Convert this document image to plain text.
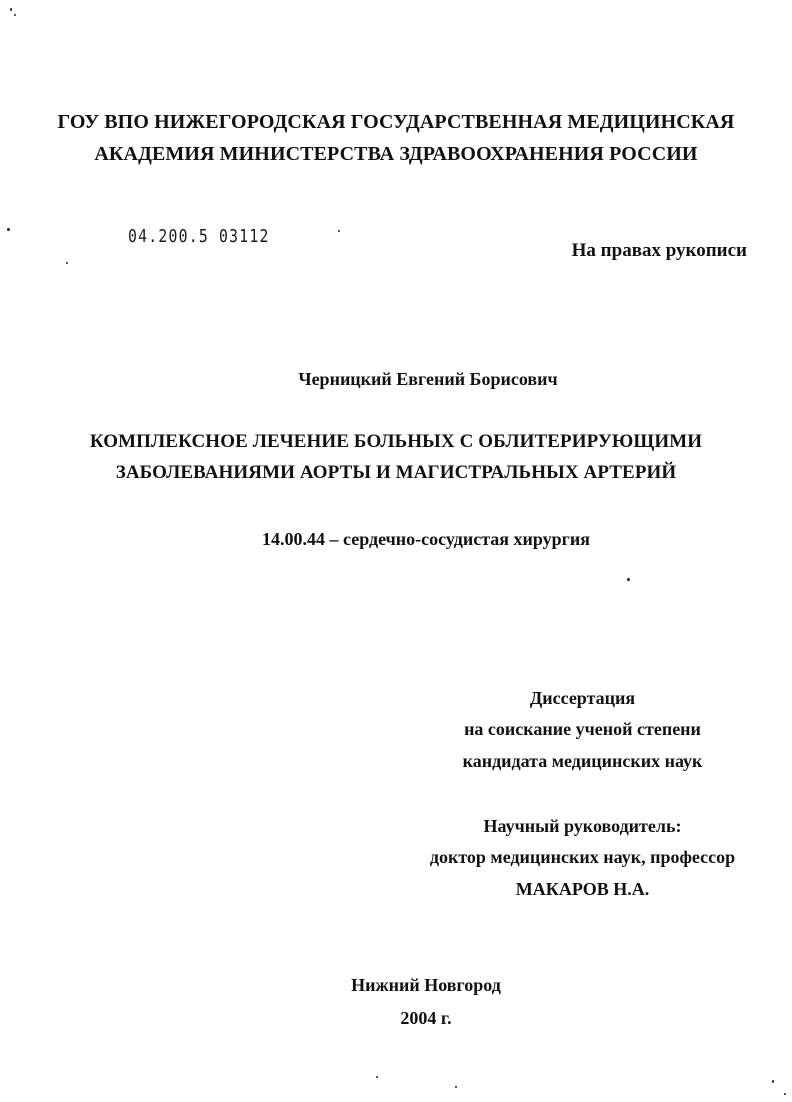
ГОУ ВПО НИЖЕГОРОДСКАЯ ГОСУДАРСТВЕННАЯ МЕДИЦИНСКАЯ
АКАДЕМИЯ МИНИСТЕРСТВА ЗДРАВООХРАНЕНИЯ РОССИИ
04.200.5 03112
На правах рукописи
Черницкий Евгений Борисович
КОМПЛЕКСНОЕ ЛЕЧЕНИЕ БОЛЬНЫХ С ОБЛИТЕРИРУЮЩИМИ
ЗАБОЛЕВАНИЯМИ АОРТЫ И МАГИСТРАЛЬНЫХ АРТЕРИЙ
14.00.44 – сердечно-сосудистая хирургия
Диссертация
на соискание ученой степени
кандидата медицинских наук
Научный руководитель:
доктор медицинских наук, профессор
МАКАРОВ Н.А.
Нижний Новгород
2004 г.
